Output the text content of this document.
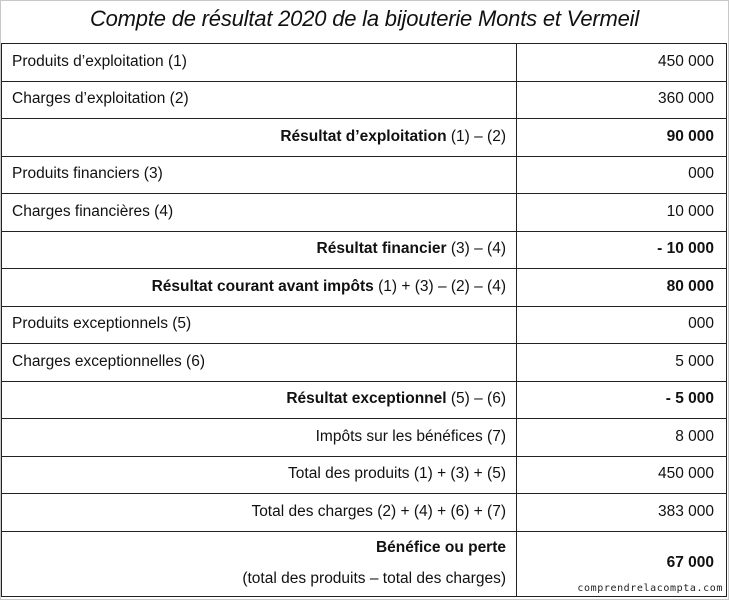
Compte de résultat 2020 de la bijouterie Monts et Vermeil
Produits d’exploitation (1)	450 000
Charges d’exploitation (2)	360 000
Résultat d’exploitation (1) – (2)	90 000
Produits financiers (3)	000
Charges financières (4)	10 000
Résultat financier (3) – (4)	- 10 000
Résultat courant avant impôts (1) + (3) – (2) – (4)	80 000
Produits exceptionnels (5)	000
Charges exceptionnelles (6)	5 000
Résultat exceptionnel (5) – (6)	- 5 000
Impôts sur les bénéfices (7)	8 000
Total des produits (1) + (3) + (5)	450 000
Total des charges (2) + (4) + (6) + (7)	383 000

Bénéfice ou perte
(total des produits – total des charges)	67 000
comprendrelacompta.com
